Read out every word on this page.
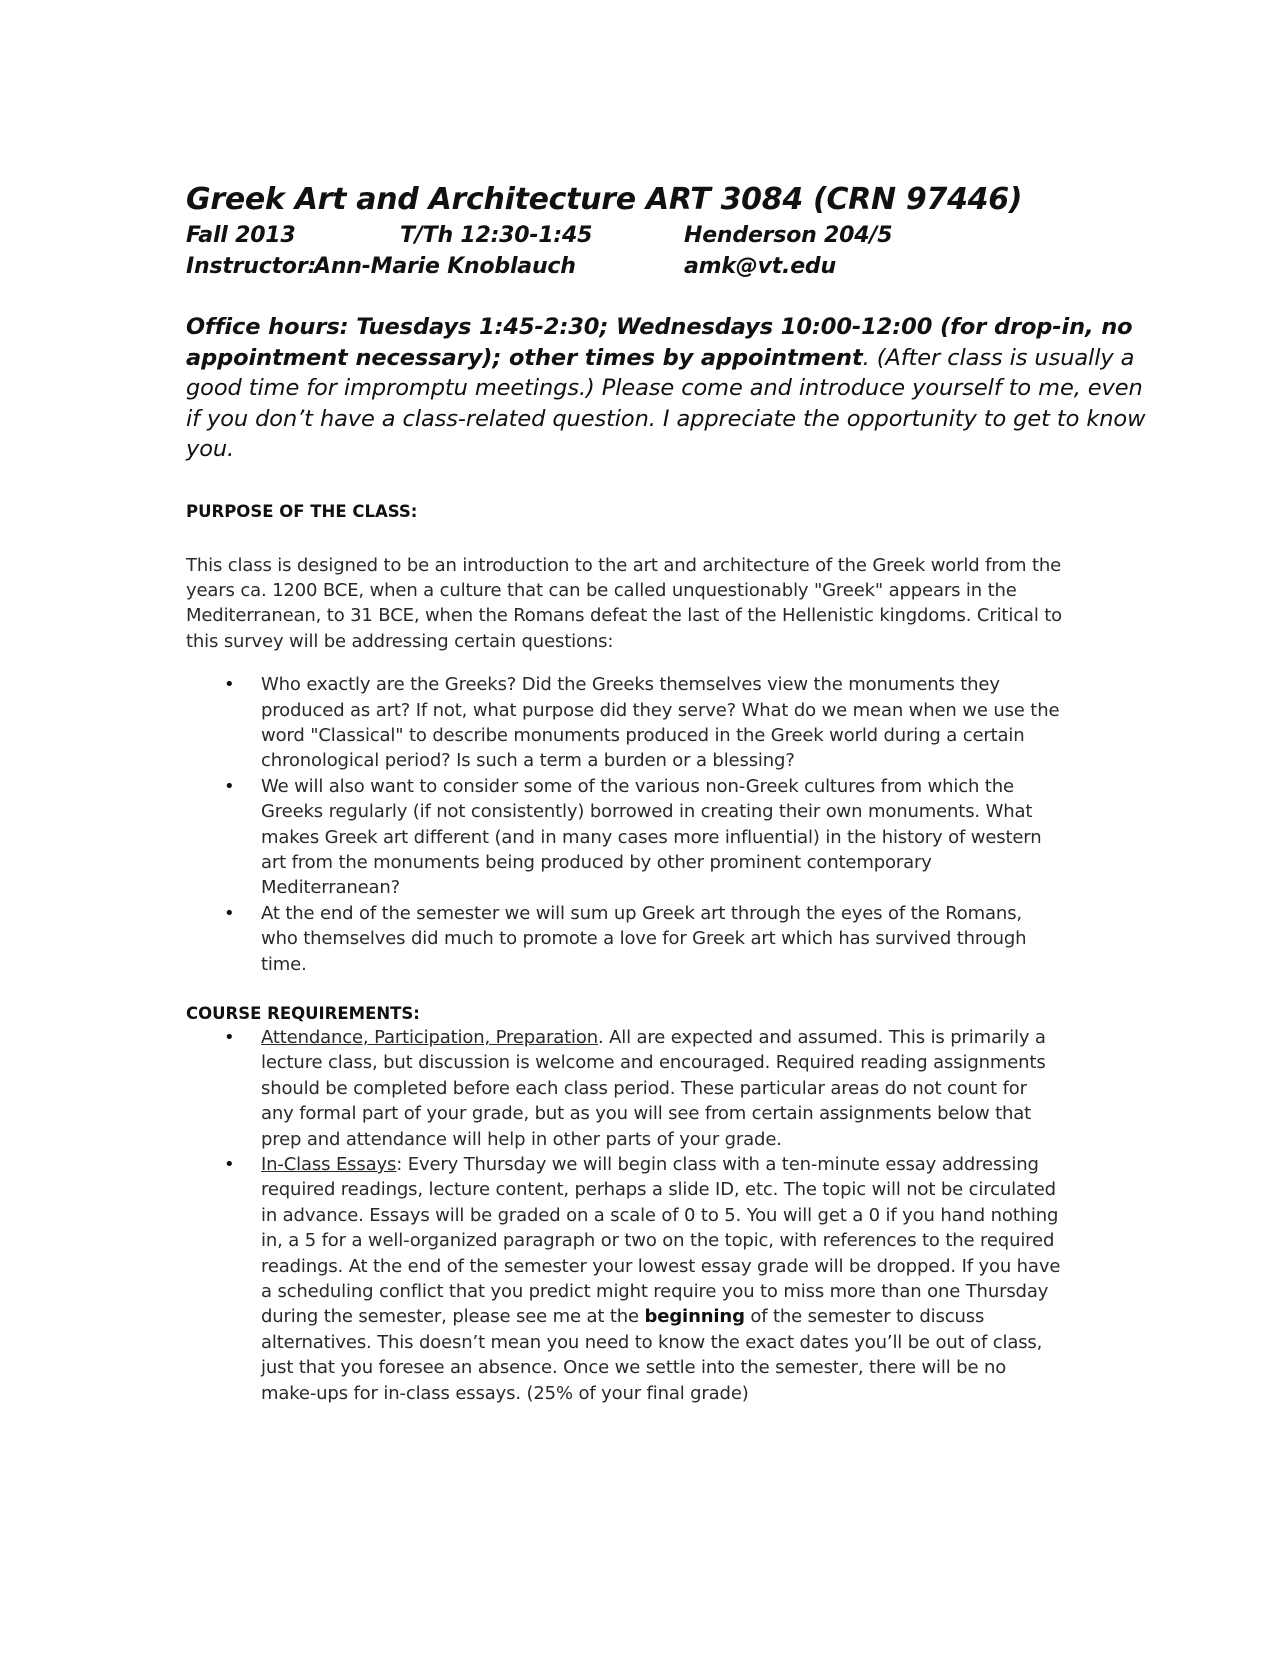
Greek Art and Architecture ART 3084 (CRN 97446)
Fall 2013	T/Th 12:30-1:45	Henderson 204/5
Instructor:
Ann-Marie Knoblauch	amk@vt.edu

Office hours: Tuesdays 1:45-2:30; Wednesdays 10:00-12:00 (for drop-in, no appointment necessary); other times by appointment. (After class is usually a good time for impromptu meetings.) Please come and introduce yourself to me, even if you don’t have a class-related question. I appreciate the opportunity to get to know you.

PURPOSE OF THE CLASS:

This class is designed to be an introduction to the art and architecture of the Greek world from the years ca. 1200 BCE, when a culture that can be called unquestionably "Greek" appears in the Mediterranean, to 31 BCE, when the Romans defeat the last of the Hellenistic kingdoms. Critical to this survey will be addressing certain questions:

• Who exactly are the Greeks? Did the Greeks themselves view the monuments they produced as art? If not, what purpose did they serve? What do we mean when we use the word "Classical" to describe monuments produced in the Greek world during a certain chronological period? Is such a term a burden or a blessing?
• We will also want to consider some of the various non-Greek cultures from which the Greeks regularly (if not consistently) borrowed in creating their own monuments. What makes Greek art different (and in many cases more influential) in the history of western art from the monuments being produced by other prominent contemporary Mediterranean?
• At the end of the semester we will sum up Greek art through the eyes of the Romans, who themselves did much to promote a love for Greek art which has survived through time.
COURSE REQUIREMENTS:
• Attendance, Participation, Preparation. All are expected and assumed. This is primarily a lecture class, but discussion is welcome and encouraged. Required reading assignments should be completed before each class period. These particular areas do not count for any formal part of your grade, but as you will see from certain assignments below that prep and attendance will help in other parts of your grade.
• In-Class Essays: Every Thursday we will begin class with a ten-minute essay addressing required readings, lecture content, perhaps a slide ID, etc. The topic will not be circulated in advance. Essays will be graded on a scale of 0 to 5. You will get a 0 if you hand nothing in, a 5 for a well-organized paragraph or two on the topic, with references to the required readings. At the end of the semester your lowest essay grade will be dropped. If you have a scheduling conflict that you predict might require you to miss more than one Thursday during the semester, please see me at the beginning of the semester to discuss alternatives. This doesn’t mean you need to know the exact dates you’ll be out of class, just that you foresee an absence. Once we settle into the semester, there will be no make-ups for in-class essays. (25% of your final grade)
